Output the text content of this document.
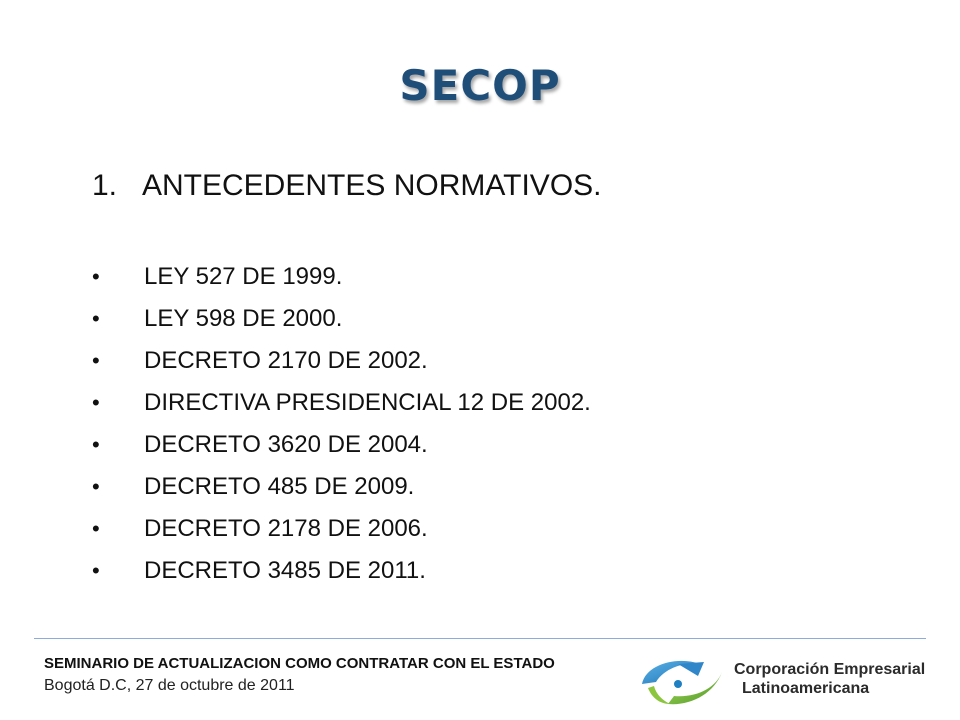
SECOP
1. ANTECEDENTES NORMATIVOS.
• LEY 527 DE 1999.
• LEY 598 DE 2000.
• DECRETO 2170 DE 2002.
• DIRECTIVA PRESIDENCIAL 12 DE 2002.
• DECRETO 3620 DE 2004.
• DECRETO 485 DE 2009.
• DECRETO 2178 DE 2006.
• DECRETO 3485 DE 2011.
SEMINARIO DE ACTUALIZACION COMO CONTRATAR CON EL ESTADO
Bogotá D.C, 27 de octubre de 2011
Corporación Empresarial
Latinoamericana
